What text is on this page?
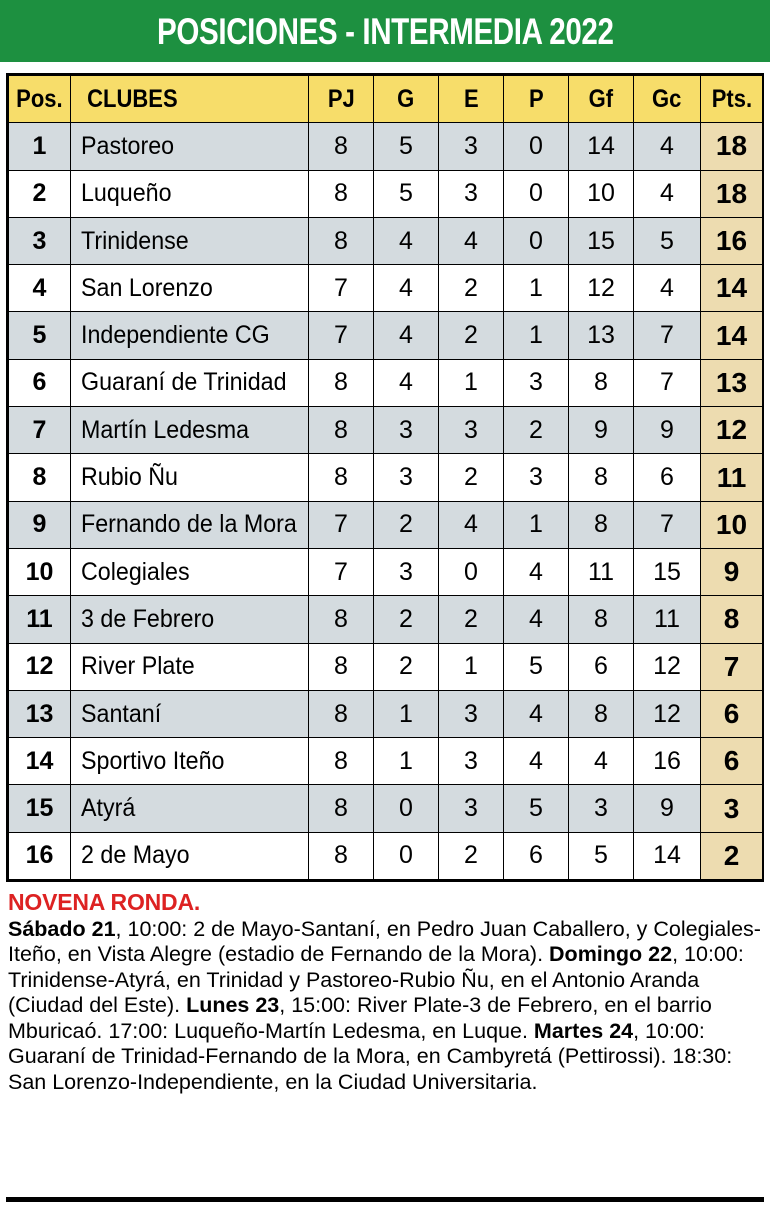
POSICIONES - INTERMEDIA 2022
Pos.	CLUBES	PJ	G	E	P	Gf	Gc	Pts.
1	Pastoreo	8	5	3	0	14	4	18
2	Luqueño	8	5	3	0	10	4	18
3	Trinidense	8	4	4	0	15	5	16
4	San Lorenzo	7	4	2	1	12	4	14
5	Independiente CG	7	4	2	1	13	7	14
6	Guaraní de Trinidad	8	4	1	3	8	7	13
7	Martín Ledesma	8	3	3	2	9	9	12
8	Rubio Ñu	8	3	2	3	8	6	11
9	Fernando de la Mora	7	2	4	1	8	7	10
10	Colegiales	7	3	0	4	11	15	9
11	3 de Febrero	8	2	2	4	8	11	8
12	River Plate	8	2	1	5	6	12	7
13	Santaní	8	1	3	4	8	12	6
14	Sportivo Iteño	8	1	3	4	4	16	6
15	Atyrá	8	0	3	5	3	9	3
16	2 de Mayo	8	0	2	6	5	14	2
NOVENA RONDA.

Sábado 21, 10:00: 2 de Mayo-Santaní, en Pedro Juan Caballero, y Colegiales-Iteño, en Vista Alegre (estadio de Fernando de la Mora). Domingo 22, 10:00: Trinidense-Atyrá, en Trinidad y Pastoreo-Rubio Ñu, en el Antonio Aranda (Ciudad del Este). Lunes 23, 15:00: River Plate-3 de Febrero, en el barrio Mburicaó. 17:00: Luqueño-Martín Ledesma, en Luque. Martes 24, 10:00: Guaraní de Trinidad-Fernando de la Mora, en Cambyretá (Pettirossi). 18:30: San Lorenzo-Independiente, en la Ciudad Universitaria.
